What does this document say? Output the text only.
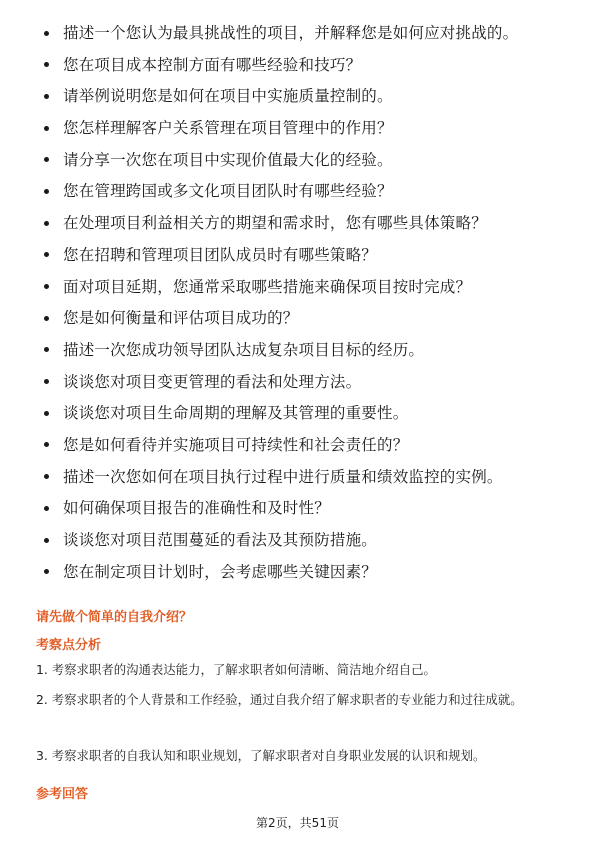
描述一个您认为最具挑战性的项目，并解释您是如何应对挑战的。
您在项目成本控制方面有哪些经验和技巧？
请举例说明您是如何在项目中实施质量控制的。
您怎样理解客户关系管理在项目管理中的作用？
请分享一次您在项目中实现价值最大化的经验。
您在管理跨国或多文化项目团队时有哪些经验？
在处理项目利益相关方的期望和需求时，您有哪些具体策略？
您在招聘和管理项目团队成员时有哪些策略？
面对项目延期，您通常采取哪些措施来确保项目按时完成？
您是如何衡量和评估项目成功的？
描述一次您成功领导团队达成复杂项目目标的经历。
谈谈您对项目变更管理的看法和处理方法。
谈谈您对项目生命周期的理解及其管理的重要性。
您是如何看待并实施项目可持续性和社会责任的？
描述一次您如何在项目执行过程中进行质量和绩效监控的实例。
如何确保项目报告的准确性和及时性？
谈谈您对项目范围蔓延的看法及其预防措施。
您在制定项目计划时，会考虑哪些关键因素？
请先做个简单的自我介绍？
考察点分析
1. 考察求职者的沟通表达能力，了解求职者如何清晰、简洁地介绍自己。
2. 考察求职者的个人背景和工作经验，通过自我介绍了解求职者的专业能力和过往成就。
3. 考察求职者的自我认知和职业规划，了解求职者对自身职业发展的认识和规划。
参考回答
第2页，共51页
